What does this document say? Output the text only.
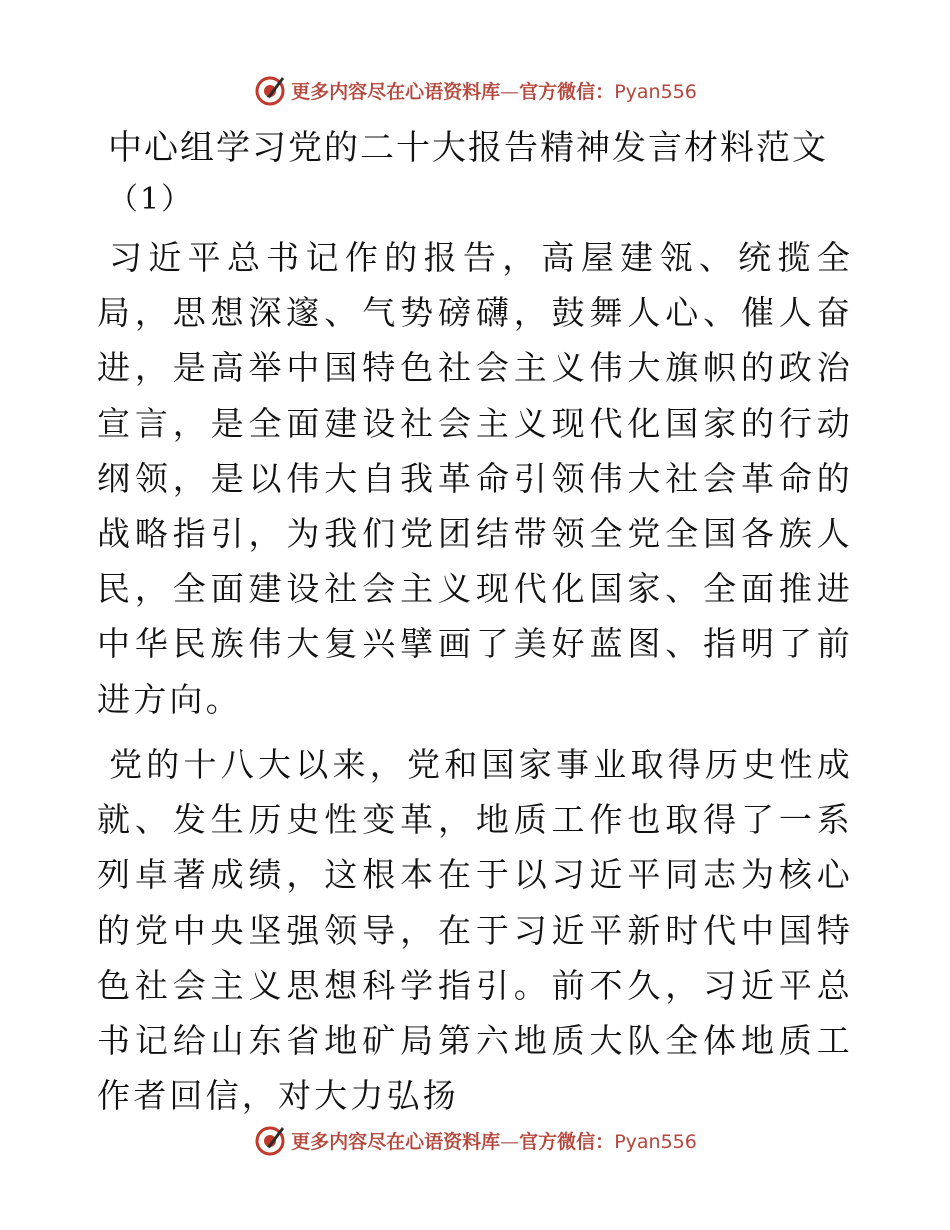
更多内容尽在心语资料库—官方微信：Pyan556
中心组学习党的二十大报告精神发言材料范文
（1）

习近平总书记作的报告，高屋建瓴、统揽全局，思想深邃、气势磅礴，鼓舞人心、催人奋进，是高举中国特色社会主义伟大旗帜的政治宣言，是全面建设社会主义现代化国家的行动纲领，是以伟大自我革命引领伟大社会革命的战略指引，为我们党团结带领全党全国各族人民，全面建设社会主义现代化国家、全面推进中华民族伟大复兴擘画了美好蓝图、指明了前进方向。

党的十八大以来，党和国家事业取得历史性成就、发生历史性变革，地质工作也取得了一系列卓著成绩，这根本在于以习近平同志为核心的党中央坚强领导，在于习近平新时代中国特色社会主义思想科学指引。前不久，习近平总书记给山东省地矿局第六地质大队全体地质工作者回信，对大力弘扬

更多内容尽在心语资料库—官方微信：Pyan556
